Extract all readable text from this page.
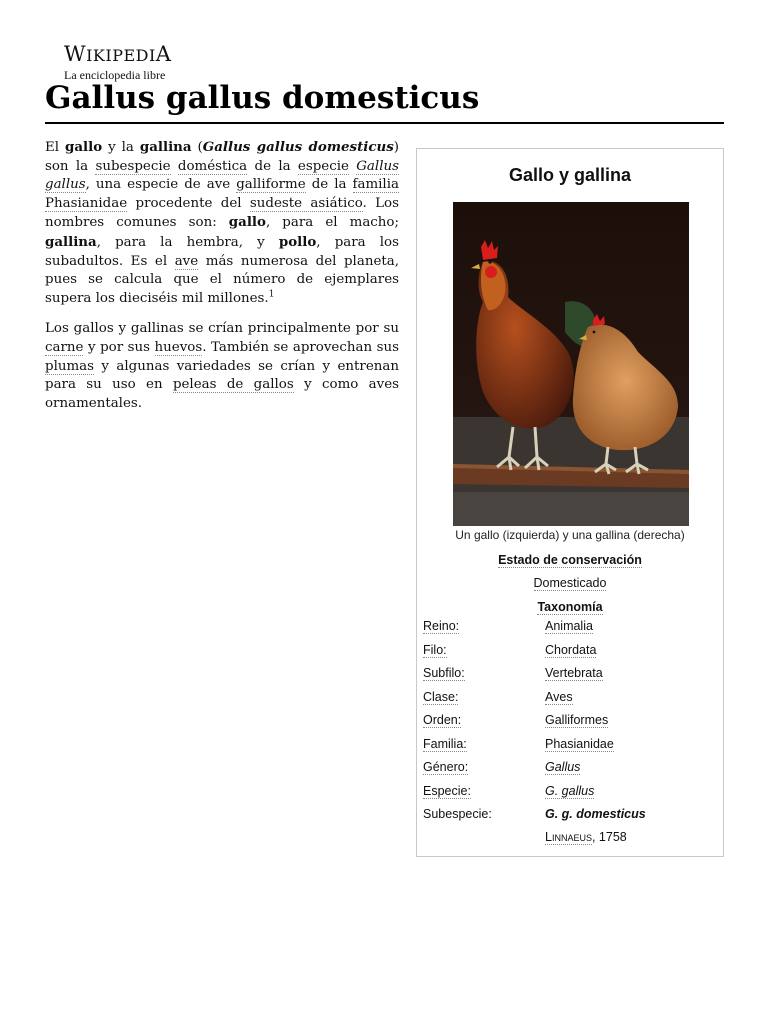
WIKIPEDIA
La enciclopedia libre
Gallus gallus domesticus

El gallo y la gallina (Gallus gallus domesticus) son la subespecie doméstica de la especie Gallus gallus, una especie de ave galliforme de la familia Phasianidae procedente del sudeste asiático. Los nombres comunes son: gallo, para el macho; gallina, para la hembra, y pollo, para los subadultos. Es el ave más numerosa del planeta, pues se calcula que el número de ejemplares supera los dieciséis mil millones.$^1$

Los gallos y gallinas se crían principalmente por su carne y por sus huevos. También se aprovechan sus plumas y algunas variedades se crían y entrenan para su uso en peleas de gallos y como aves ornamentales.

Gallo y gallina
Un gallo (izquierda) y una gallina (derecha)
Estado de conservación
Domesticado
Taxonomía
Reino:	Animalia
Filo:	Chordata
Subfilo:	Vertebrata
Clase:	Aves
Orden:	Galliformes
Familia:	Phasianidae
Género:	Gallus
Especie:	G. gallus
Subespecie:	G. g. domesticus
Linnaeus, 1758
